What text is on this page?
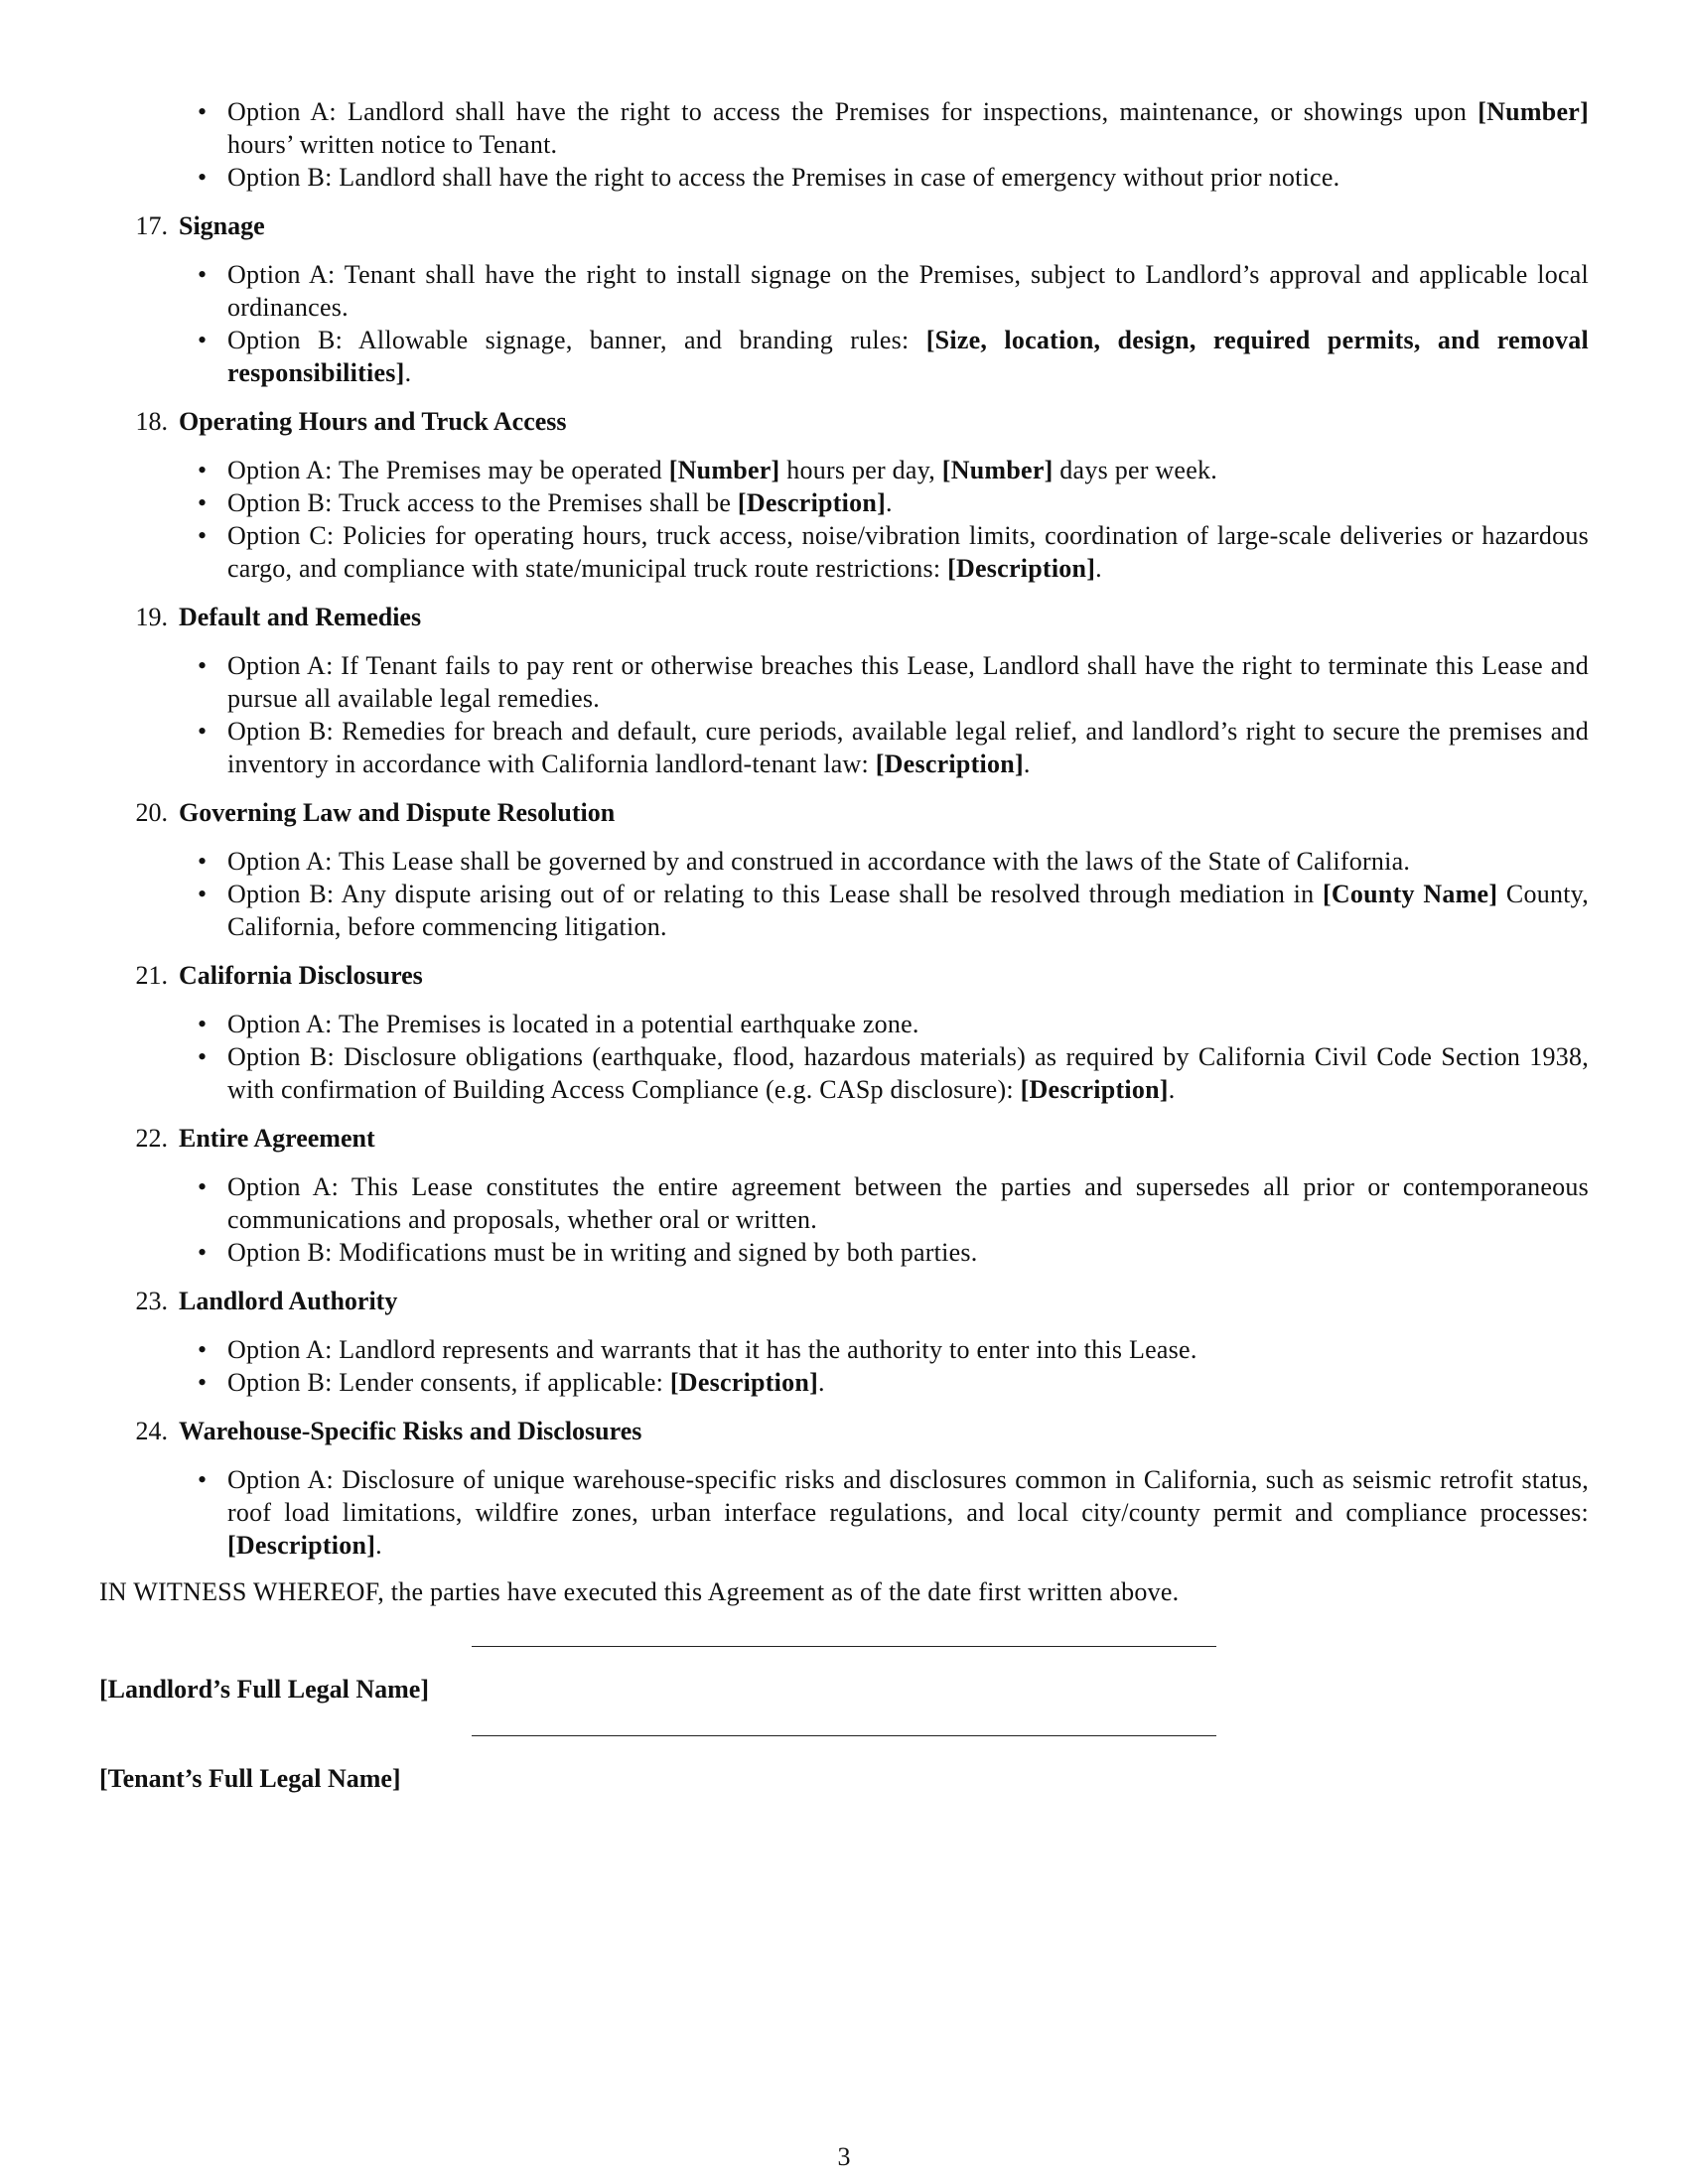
• Option A: Landlord shall have the right to access the Premises for inspections, maintenance, or showings upon [Number] hours’ written notice to Tenant.
• Option B: Landlord shall have the right to access the Premises in case of emergency without prior notice.
17. Signage
• Option A: Tenant shall have the right to install signage on the Premises, subject to Landlord’s approval and applicable local ordinances.
• Option B: Allowable signage, banner, and branding rules: [Size, location, design, required permits, and removal responsibilities].
18. Operating Hours and Truck Access
• Option A: The Premises may be operated [Number] hours per day, [Number] days per week.
• Option B: Truck access to the Premises shall be [Description].
• Option C: Policies for operating hours, truck access, noise/vibration limits, coordination of large-scale deliveries or hazardous cargo, and compliance with state/municipal truck route restrictions: [Description].
19. Default and Remedies
• Option A: If Tenant fails to pay rent or otherwise breaches this Lease, Landlord shall have the right to terminate this Lease and pursue all available legal remedies.
• Option B: Remedies for breach and default, cure periods, available legal relief, and landlord’s right to secure the premises and inventory in accordance with California landlord-tenant law: [Description].
20. Governing Law and Dispute Resolution
• Option A: This Lease shall be governed by and construed in accordance with the laws of the State of California.
• Option B: Any dispute arising out of or relating to this Lease shall be resolved through mediation in [County Name] County, California, before commencing litigation.
21. California Disclosures
• Option A: The Premises is located in a potential earthquake zone.
• Option B: Disclosure obligations (earthquake, flood, hazardous materials) as required by California Civil Code Section 1938, with confirmation of Building Access Compliance (e.g. CASp disclosure): [Description].
22. Entire Agreement
• Option A: This Lease constitutes the entire agreement between the parties and supersedes all prior or contemporaneous communications and proposals, whether oral or written.
• Option B: Modifications must be in writing and signed by both parties.
23. Landlord Authority
• Option A: Landlord represents and warrants that it has the authority to enter into this Lease.
• Option B: Lender consents, if applicable: [Description].
24. Warehouse-Specific Risks and Disclosures
• Option A: Disclosure of unique warehouse-specific risks and disclosures common in California, such as seismic retrofit status, roof load limitations, wildfire zones, urban interface regulations, and local city/county permit and compliance processes: [Description].
IN WITNESS WHEREOF, the parties have executed this Agreement as of the date first written above.
[Landlord’s Full Legal Name]
[Tenant’s Full Legal Name]
3
